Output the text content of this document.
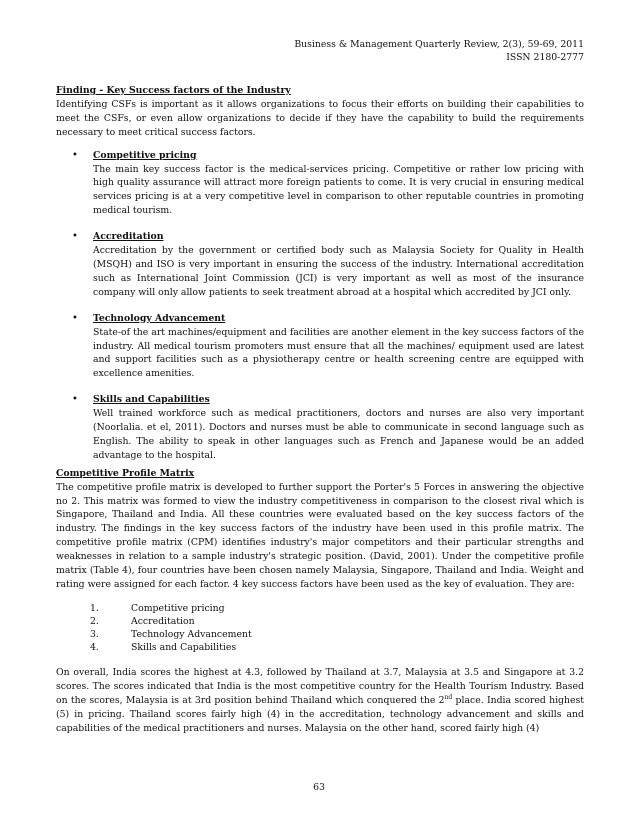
Business & Management Quarterly Review, 2(3), 59-69, 2011
ISSN 2180-2777
Finding - Key Success factors of the Industry

Identifying CSFs is important as it allows organizations to focus their efforts on building their capabilities to meet the CSFs, or even allow organizations to decide if they have the capability to build the requirements necessary to meet critical success factors.

• Competitive pricing
The main key success factor is the medical-services pricing. Competitive or rather low pricing with high quality assurance will attract more foreign patients to come. It is very crucial in ensuring medical services pricing is at a very competitive level in comparison to other reputable countries in promoting medical tourism.
• Accreditation
Accreditation by the government or certified body such as Malaysia Society for Quality in Health (MSQH) and ISO is very important in ensuring the success of the industry. International accreditation such as International Joint Commission (JCI) is very important as well as most of the insurance company will only allow patients to seek treatment abroad at a hospital which accredited by JCI only.
• Technology Advancement
State-of the art machines/equipment and facilities are another element in the key success factors of the industry. All medical tourism promoters must ensure that all the machines/ equipment used are latest and support facilities such as a physiotherapy centre or health screening centre are equipped with excellence amenities.
• Skills and Capabilities
Well trained workforce such as medical practitioners, doctors and nurses are also very important (Noorlalia. et el, 2011). Doctors and nurses must be able to communicate in second language such as English. The ability to speak in other languages such as French and Japanese would be an added advantage to the hospital.
Competitive Profile Matrix

The competitive profile matrix is developed to further support the Porter's 5 Forces in answering the objective no 2. This matrix was formed to view the industry competitiveness in comparison to the closest rival which is Singapore, Thailand and India. All these countries were evaluated based on the key success factors of the industry. The findings in the key success factors of the industry have been used in this profile matrix. The competitive profile matrix (CPM) identifies industry's major competitors and their particular strengths and weaknesses in relation to a sample industry's strategic position. (David, 2001). Under the competitive profile matrix (Table 4), four countries have been chosen namely Malaysia, Singapore, Thailand and India. Weight and rating were assigned for each factor. 4 key success factors have been used as the key of evaluation. They are:

1.	Competitive pricing
2.	Accreditation
3.	Technology Advancement
4.	Skills and Capabilities

On overall, India scores the highest at 4.3, followed by Thailand at 3.7, Malaysia at 3.5 and Singapore at 3.2 scores. The scores indicated that India is the most competitive country for the Health Tourism Industry. Based on the scores, Malaysia is at 3rd position behind Thailand which conquered the 2nd place. India scored highest (5) in pricing. Thailand scores fairly high (4) in the accreditation, technology advancement and skills and capabilities of the medical practitioners and nurses. Malaysia on the other hand, scored fairly high (4)

63
